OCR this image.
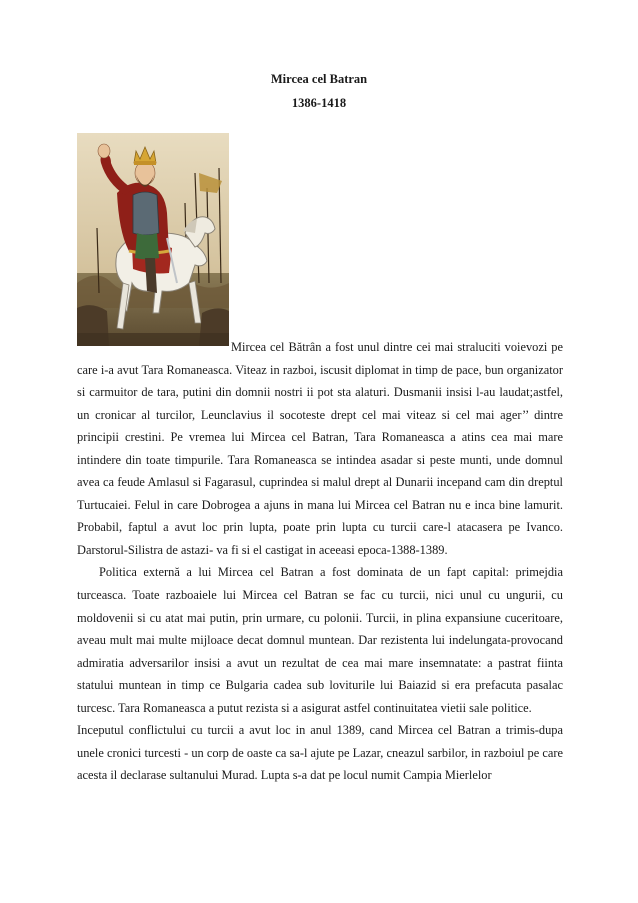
Mircea cel Batran
1386-1418

Mircea cel Bătrân a fost unul dintre cei mai straluciti voievozi pe care i-a avut Tara Romaneasca. Viteaz in razboi, iscusit diplomat in timp de pace, bun organizator si carmuitor de tara, putini din domnii nostri ii pot sta alaturi. Dusmanii insisi l-au laudat;astfel, un cronicar al turcilor, Leunclavius il socoteste drept cel mai viteaz si cel mai ager’’ dintre principii crestini. Pe vremea lui Mircea cel Batran, Tara Romaneasca a atins cea mai mare intindere din toate timpurile. Tara Romaneasca se intindea asadar si peste munti, unde domnul avea ca feude Amlasul si Fagarasul, cuprindea si malul drept al Dunarii incepand cam din dreptul Turtucaiei. Felul in care Dobrogea a ajuns in mana lui Mircea cel Batran nu e inca bine lamurit. Probabil, faptul a avut loc prin lupta, poate prin lupta cu turcii care-l atacasera pe Ivanco. Darstorul-Silistra de astazi- va fi si el castigat in aceeasi epoca-1388-1389.

Politica externă a lui Mircea cel Batran a fost dominata de un fapt capital: primejdia turceasca. Toate razboaiele lui Mircea cel Batran se fac cu turcii, nici unul cu ungurii, cu moldovenii si cu atat mai putin, prin urmare, cu polonii. Turcii, in plina expansiune cuceritoare, aveau mult mai multe mijloace decat domnul muntean. Dar rezistenta lui indelungata-provocand admiratia adversarilor insisi a avut un rezultat de cea mai mare insemnatate: a pastrat fiinta statului muntean in timp ce Bulgaria cadea sub loviturile lui Baiazid si era prefacuta pasalac turcesc. Tara Romaneasca a putut rezista si a asigurat astfel continuitatea vietii sale politice.

Inceputul conflictului cu turcii a avut loc in anul 1389, cand Mircea cel Batran a trimis-dupa unele cronici turcesti - un corp de oaste ca sa-l ajute pe Lazar, cneazul sarbilor, in razboiul pe care acesta il declarase sultanului Murad. Lupta s-a dat pe locul numit Campia Mierlelor
